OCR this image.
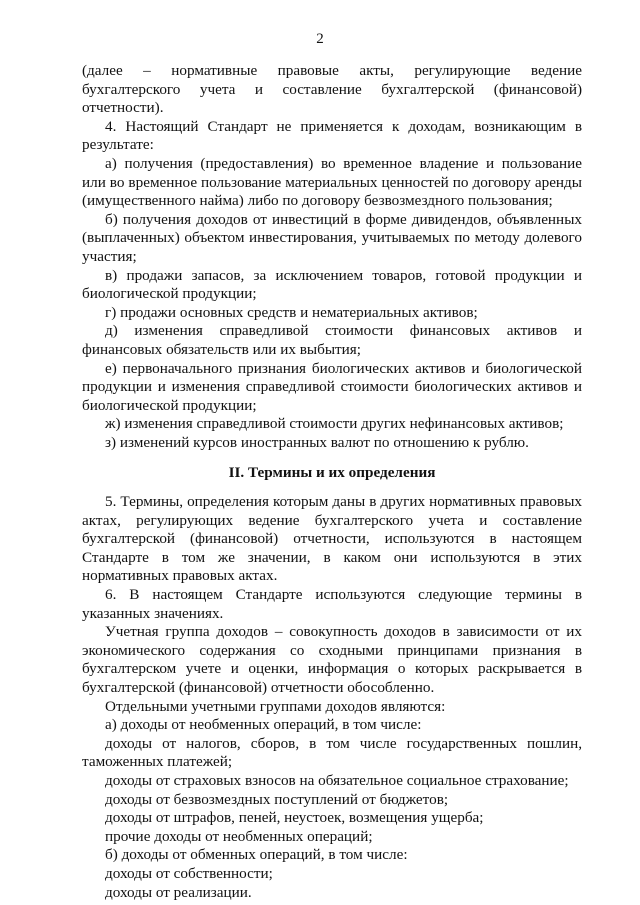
2

(далее – нормативные правовые акты, регулирующие ведение бухгалтерского учета и составление бухгалтерской (финансовой) отчетности).

4. Настоящий Стандарт не применяется к доходам, возникающим в результате:

а) получения (предоставления) во временное владение и пользование или во временное пользование материальных ценностей по договору аренды (имущественного найма) либо по договору безвозмездного пользования;

б) получения доходов от инвестиций в форме дивидендов, объявленных (выплаченных) объектом инвестирования, учитываемых по методу долевого участия;

в) продажи запасов, за исключением товаров, готовой продукции и биологической продукции;

г) продажи основных средств и нематериальных активов;

д) изменения справедливой стоимости финансовых активов и финансовых обязательств или их выбытия;

е) первоначального признания биологических активов и биологической продукции и изменения справедливой стоимости биологических активов и биологической продукции;

ж) изменения справедливой стоимости других нефинансовых активов;

з) изменений курсов иностранных валют по отношению к рублю.

II. Термины и их определения

5. Термины, определения которым даны в других нормативных правовых актах, регулирующих ведение бухгалтерского учета и составление бухгалтерской (финансовой) отчетности, используются в настоящем Стандарте в том же значении, в каком они используются в этих нормативных правовых актах.

6. В настоящем Стандарте используются следующие термины в указанных значениях.

Учетная группа доходов – совокупность доходов в зависимости от их экономического содержания со сходными принципами признания в бухгалтерском учете и оценки, информация о которых раскрывается в бухгалтерской (финансовой) отчетности обособленно.

Отдельными учетными группами доходов являются:

а) доходы от необменных операций, в том числе:

доходы от налогов, сборов, в том числе государственных пошлин, таможенных платежей;

доходы от страховых взносов на обязательное социальное страхование;

доходы от безвозмездных поступлений от бюджетов;

доходы от штрафов, пеней, неустоек, возмещения ущерба;

прочие доходы от необменных операций;

б) доходы от обменных операций, в том числе:

доходы от собственности;

доходы от реализации.
